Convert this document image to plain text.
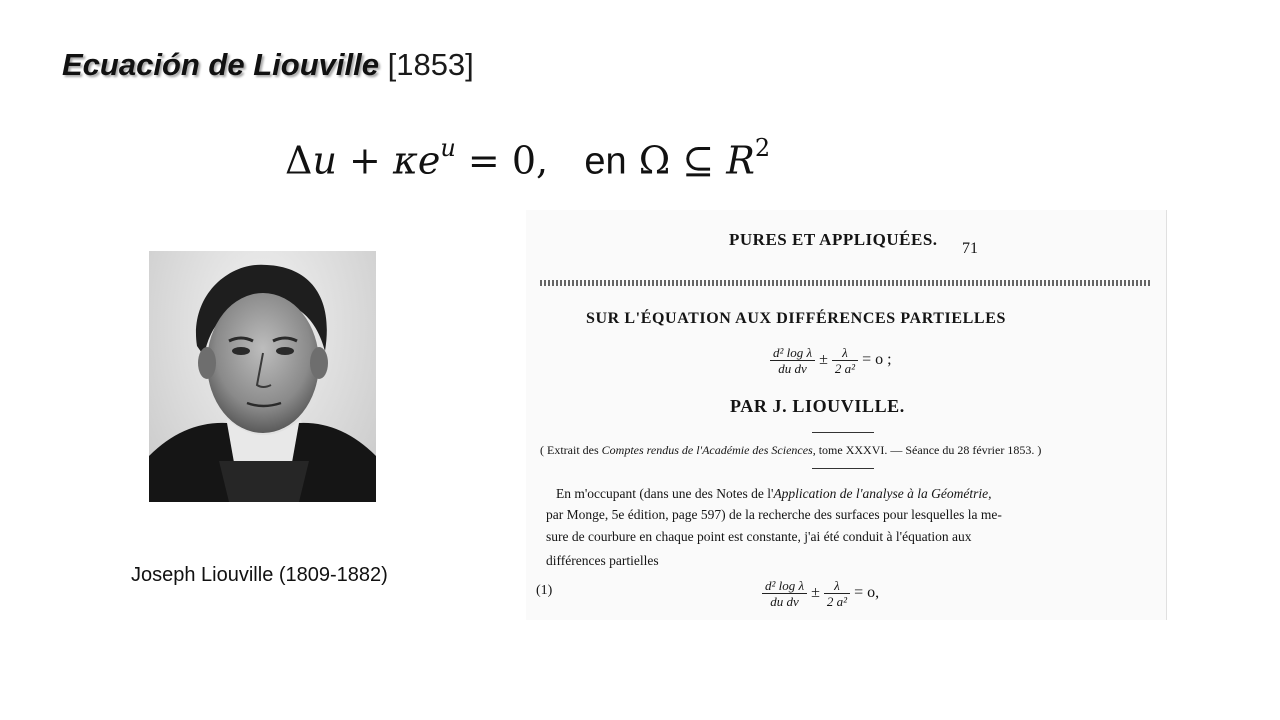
Ecuación de Liouville [1853]
$\Delta u + \kappa e^u = 0$, en Ω ⊆ $R^2$
Joseph Liouville (1809-1882)
PURES ET APPLIQUÉES. 71
SUR L'ÉQUATION AUX DIFFÉRENCES PARTIELLES
$\frac{\text{d² log λ}}{\text{du dv}} \pm \frac{\lambda}{\text{2 a²}} = o$ ;
PAR J. LIOUVILLE.
( Extrait des Comptes rendus de l'Académie des Sciences, tome XXXVI. — Séance du 28 février 1853. )
En m'occupant (dans une des Notes de l'Application de l'analyse à la Géométrie,
par Monge, 5e édition, page 597) de la recherche des surfaces pour lesquelles la me-
sure de courbure en chaque point est constante, j'ai été conduit à l'équation aux
différences partielles
(1)	$\frac{\text{d² log λ}}{\text{du dv}} \pm \frac{\lambda}{\text{2 a²}} = o$,
